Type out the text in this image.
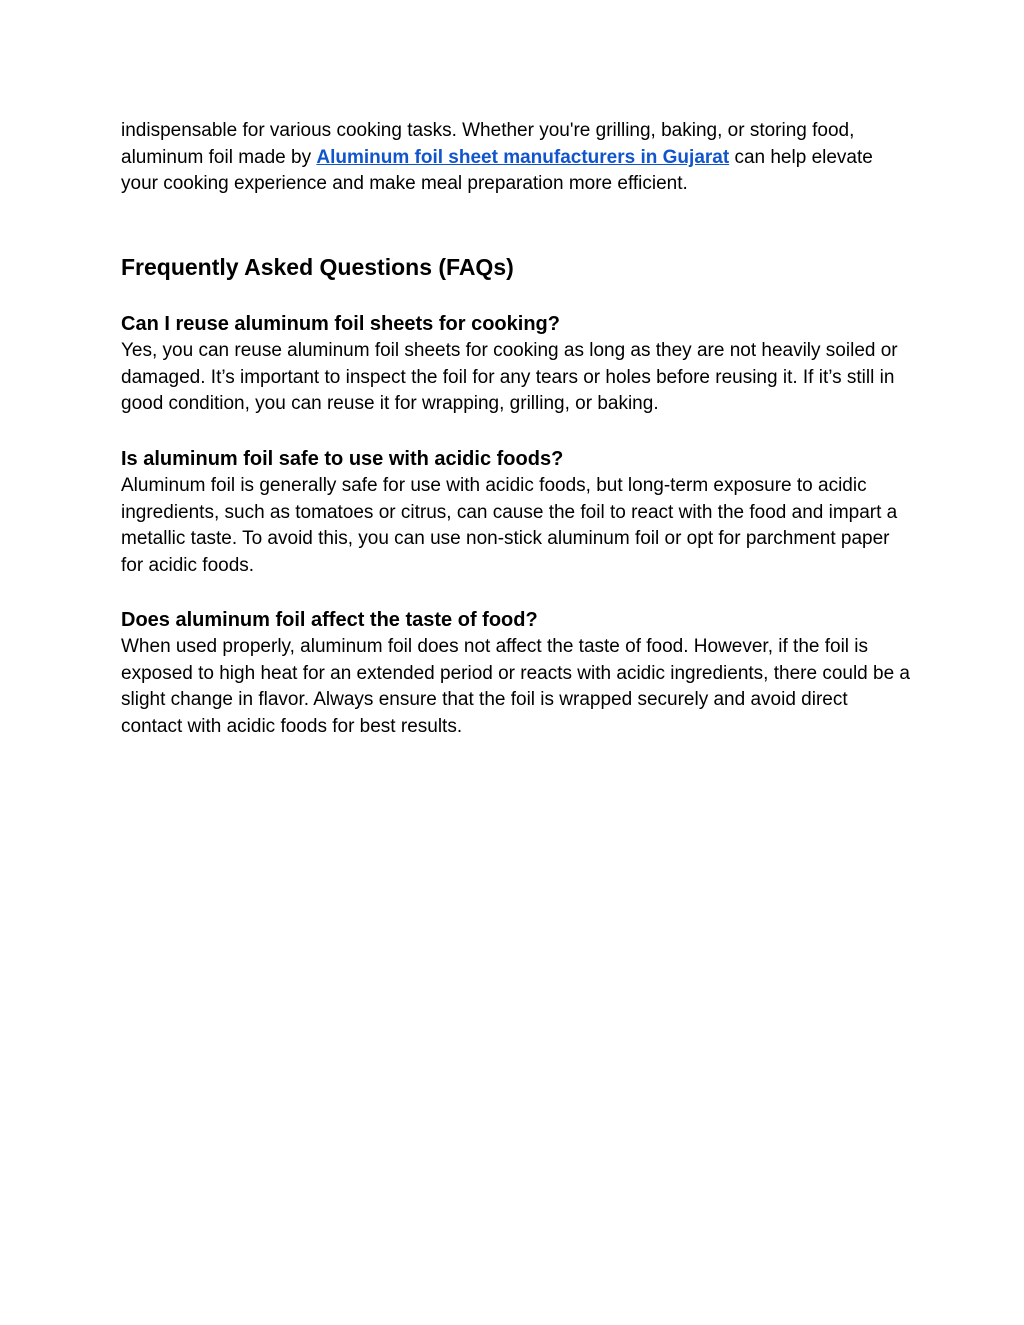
indispensable for various cooking tasks. Whether you're grilling, baking, or storing food, aluminum foil made by Aluminum foil sheet manufacturers in Gujarat can help elevate your cooking experience and make meal preparation more efficient.

Frequently Asked Questions (FAQs)
Can I reuse aluminum foil sheets for cooking?

Yes, you can reuse aluminum foil sheets for cooking as long as they are not heavily soiled or damaged. It’s important to inspect the foil for any tears or holes before reusing it. If it’s still in good condition, you can reuse it for wrapping, grilling, or baking.

Is aluminum foil safe to use with acidic foods?

Aluminum foil is generally safe for use with acidic foods, but long-term exposure to acidic ingredients, such as tomatoes or citrus, can cause the foil to react with the food and impart a metallic taste. To avoid this, you can use non-stick aluminum foil or opt for parchment paper for acidic foods.

Does aluminum foil affect the taste of food?

When used properly, aluminum foil does not affect the taste of food. However, if the foil is exposed to high heat for an extended period or reacts with acidic ingredients, there could be a slight change in flavor. Always ensure that the foil is wrapped securely and avoid direct contact with acidic foods for best results.
